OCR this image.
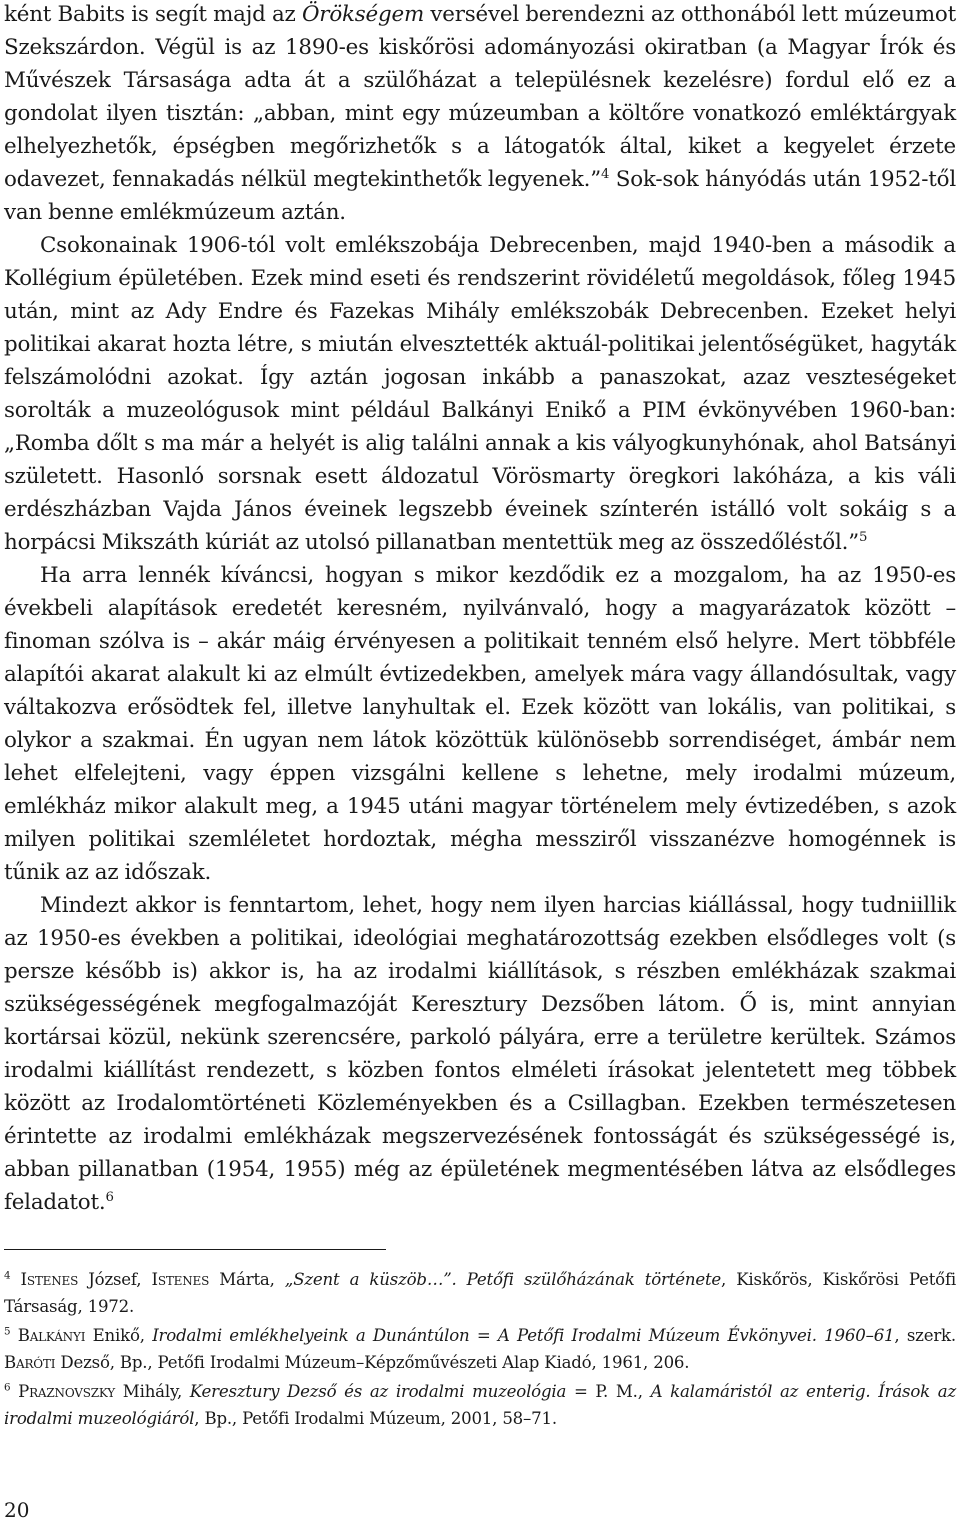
ként Babits is segít majd az Örökségem versével berendezni az otthonából lett múzeumot Szekszárdon. Végül is az 1890-es kiskőrösi adományozási okiratban (a Magyar Írók és Művészek Társasága adta át a szülőházat a településnek kezelésre) fordul elő ez a gondolat ilyen tisztán: „abban, mint egy múzeumban a költőre vonatkozó emléktárgyak elhelyezhetők, épségben megőrizhetők s a látogatók által, kiket a kegyelet érzete odavezet, fennakadás nélkül megtekinthetők legyenek.”$^4$ Sok-sok hányódás után 1952-től van benne emlékmúzeum aztán.

Csokonainak 1906-tól volt emlékszobája Debrecenben, majd 1940-ben a második a Kollégium épületében. Ezek mind eseti és rendszerint rövidéletű megoldások, főleg 1945 után, mint az Ady Endre és Fazekas Mihály emlékszobák Debrecenben. Ezeket helyi politikai akarat hozta létre, s miután elvesztették aktuál-politikai jelentőségüket, hagyták felszámolódni azokat. Így aztán jogosan inkább a panaszokat, azaz veszteségeket sorolták a muzeológusok mint például Balkányi Enikő a PIM évkönyvében 1960-ban: „Romba dőlt s ma már a helyét is alig találni annak a kis vályogkunyhónak, ahol Batsányi született. Hasonló sorsnak esett áldozatul Vörösmarty öregkori lakóháza, a kis váli erdészházban Vajda János éveinek legszebb éveinek színterén istálló volt sokáig s a horpácsi Mikszáth kúriát az utolsó pillanatban mentettük meg az összedőléstől.”$^5$

Ha arra lennék kíváncsi, hogyan s mikor kezdődik ez a mozgalom, ha az 1950-es évekbeli alapítások eredetét keresném, nyilvánvaló, hogy a magyarázatok között – finoman szólva is – akár máig érvényesen a politikait tenném első helyre. Mert többféle alapítói akarat alakult ki az elmúlt évtizedekben, amelyek mára vagy állandósultak, vagy váltakozva erősödtek fel, illetve lanyhultak el. Ezek között van lokális, van politikai, s olykor a szakmai. Én ugyan nem látok közöttük különösebb sorrendiséget, ámbár nem lehet elfelejteni, vagy éppen vizsgálni kellene s lehetne, mely irodalmi múzeum, emlékház mikor alakult meg, a 1945 utáni magyar történelem mely évtizedében, s azok milyen politikai szemléletet hordoztak, mégha messziről visszanézve homogénnek is tűnik az az időszak.

Mindezt akkor is fenntartom, lehet, hogy nem ilyen harcias kiállással, hogy tudniillik az 1950-es években a politikai, ideológiai meghatározottság ezekben elsődleges volt (s persze később is) akkor is, ha az irodalmi kiállítások, s részben emlékházak szakmai szükségességének megfogalmazóját Keresztury Dezsőben látom. Ő is, mint annyian kortársai közül, nekünk szerencsére, parkoló pályára, erre a területre kerültek. Számos irodalmi kiállítást rendezett, s közben fontos elméleti írásokat jelentetett meg többek között az Irodalomtörténeti Közleményekben és a Csillagban. Ezekben természetesen érintette az irodalmi emlékházak megszervezésének fontosságát és szükségességé is, abban pillanatban (1954, 1955) még az épületének megmentésében látva az elsődleges feladatot.$^6$

$^4$ Istenes József, Istenes Márta, „Szent a küszöb…”. Petőfi szülőházának története, Kiskőrös, Kiskőrösi Petőfi Társaság, 1972.

$^5$ Balkányi Enikő, Irodalmi emlékhelyeink a Dunántúlon = A Petőfi Irodalmi Múzeum Évkönyvei. 1960–61, szerk. Baróti Dezső, Bp., Petőfi Irodalmi Múzeum–Képzőművészeti Alap Kiadó, 1961, 206.

$^6$ Praznovszky Mihály, Keresztury Dezső és az irodalmi muzeológia = P. M., A kalamáristól az enterig. Írások az irodalmi muzeológiáról, Bp., Petőfi Irodalmi Múzeum, 2001, 58–71.

20
